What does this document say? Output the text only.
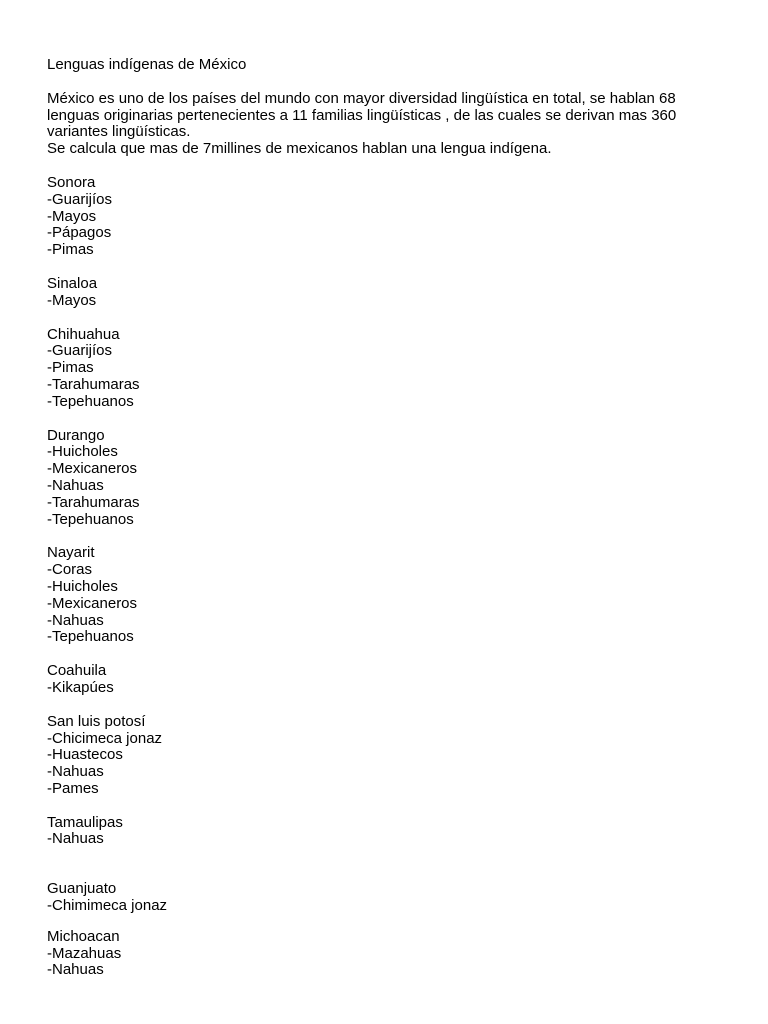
Lenguas indígenas de México

México es uno de los países del mundo con mayor diversidad lingüística en total, se hablan 68

lenguas originarias pertenecientes a 11 familias lingüísticas , de las cuales se derivan mas 360

variantes lingüísticas.

Se calcula que mas de 7millines de mexicanos hablan una lengua indígena.

Sonora

-Guarijíos

-Mayos

-Pápagos

-Pimas

Sinaloa

-Mayos

Chihuahua

-Guarijíos

-Pimas

-Tarahumaras

-Tepehuanos

Durango

-Huicholes

-Mexicaneros

-Nahuas

-Tarahumaras

-Tepehuanos

Nayarit

-Coras

-Huicholes

-Mexicaneros

-Nahuas

-Tepehuanos

Coahuila

-Kikapúes

San luis potosí

-Chicimeca jonaz

-Huastecos

-Nahuas

-Pames

Tamaulipas

-Nahuas

Guanjuato

-Chimimeca jonaz

Michoacan

-Mazahuas

-Nahuas
